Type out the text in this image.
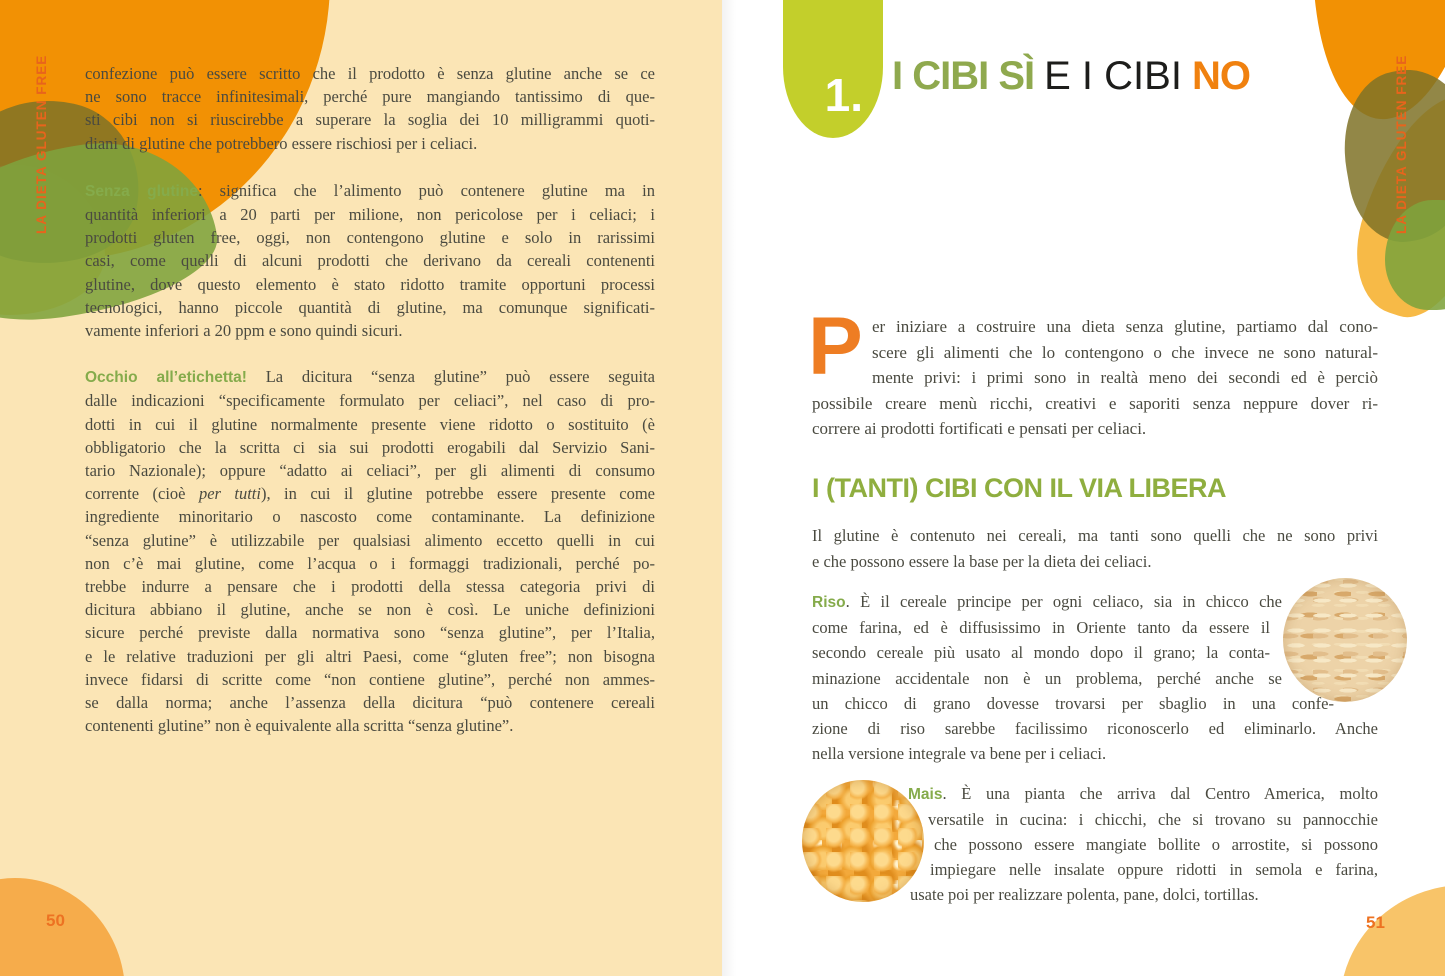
LA DIETA GLUTEN FREE confezione può essere scritto che il prodotto è senza glutine anche se ce
ne sono tracce infinitesimali, perché pure mangiando tantissimo di que-
sti cibi non si riuscirebbe a superare la soglia dei 10 milligrammi quoti-
diani di glutine che potrebbero essere rischiosi per i celiaci.
Senza glutine: significa che l’alimento può contenere glutine ma in
quantità inferiori a 20 parti per milione, non pericolose per i celiaci; i
prodotti gluten free, oggi, non contengono glutine e solo in rarissimi
casi, come quelli di alcuni prodotti che derivano da cereali contenenti
glutine, dove questo elemento è stato ridotto tramite opportuni processi
tecnologici, hanno piccole quantità di glutine, ma comunque significati-
vamente inferiori a 20 ppm e sono quindi sicuri.
Occhio all’etichetta! La dicitura “senza glutine” può essere seguita
dalle indicazioni “specificamente formulato per celiaci”, nel caso di pro-
dotti in cui il glutine normalmente presente viene ridotto o sostituito (è
obbligatorio che la scritta ci sia sui prodotti erogabili dal Servizio Sani-
tario Nazionale); oppure “adatto ai celiaci”, per gli alimenti di consumo
corrente (cioè per tutti), in cui il glutine potrebbe essere presente come
ingrediente minoritario o nascosto come contaminante. La definizione
“senza glutine” è utilizzabile per qualsiasi alimento eccetto quelli in cui
non c’è mai glutine, come l’acqua o i formaggi tradizionali, perché po-
trebbe indurre a pensare che i prodotti della stessa categoria privi di
dicitura abbiano il glutine, anche se non è così. Le uniche definizioni
sicure perché previste dalla normativa sono “senza glutine”, per l’Italia,
e le relative traduzioni per gli altri Paesi, come “gluten free”; non bisogna
invece fidarsi di scritte come “non contiene glutine”, perché non ammes-
se dalla norma; anche l’assenza della dicitura “può contenere cereali
contenenti glutine” non è equivalente alla scritta “senza glutine”.
50
LA DIETA GLUTEN FREE
1. I CIBI SÌ E I CIBI NO
P er iniziare a costruire una dieta senza glutine, partiamo dal cono-
scere gli alimenti che lo contengono o che invece ne sono natural-
mente privi: i primi sono in realtà meno dei secondi ed è perciò
possibile creare menù ricchi, creativi e saporiti senza neppure dover ri-
correre ai prodotti fortificati e pensati per celiaci.
I (TANTI) CIBI CON IL VIA LIBERA
Il glutine è contenuto nei cereali, ma tanti sono quelli che ne sono privi
e che possono essere la base per la dieta dei celiaci.
Riso. È il cereale principe per ogni celiaco, sia in chicco che
come farina, ed è diffusissimo in Oriente tanto da essere il
secondo cereale più usato al mondo dopo il grano; la conta-
minazione accidentale non è un problema, perché anche se
un chicco di grano dovesse trovarsi per sbaglio in una confe-
zione di riso sarebbe facilissimo riconoscerlo ed eliminarlo. Anche
nella versione integrale va bene per i celiaci.
Mais. È una pianta che arriva dal Centro America, molto
versatile in cucina: i chicchi, che si trovano su pannocchie
che possono essere mangiate bollite o arrostite, si possono
impiegare nelle insalate oppure ridotti in semola e farina,
usate poi per realizzare polenta, pane, dolci, tortillas.
51
